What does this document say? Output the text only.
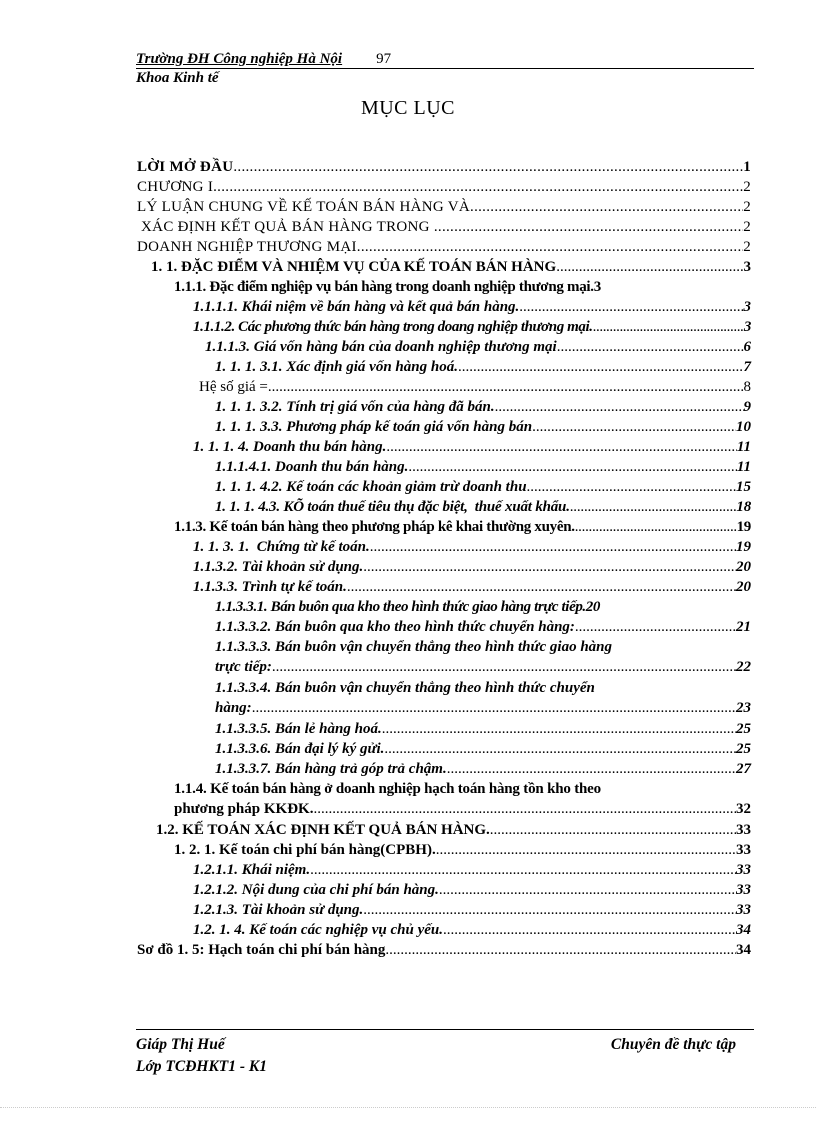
Trường ĐH Công nghiệp Hà Nội 97
Khoa Kinh tế
MỤC LỤC
LỜI MỞ ĐẦU .....	1
CHƯƠNG I .....	2
LÝ LUẬN CHUNG VỀ KẾ TOÁN BÁN HÀNG VÀ .....	2
XÁC ĐỊNH KẾT QUẢ BÁN HÀNG TRONG .....	2
DOANH NGHIỆP THƯƠNG MẠI .....	2
1. 1. ĐẶC ĐIỂM VÀ NHIỆM VỤ CỦA KẾ TOÁN BÁN HÀNG .....	3
1.1.1. Đặc điểm nghiệp vụ bán hàng trong doanh nghiệp thương mại. 3
1.1.1.1. Khái niệm về bán hàng và kết quả bán hàng. .....	3
1.1.1.2. Các phương thức bán hàng trong doang nghiệp thương mại. .....	3
1.1.1.3. Giá vốn hàng bán của doanh nghiệp thương mại .....	6
1. 1. 1. 3.1. Xác định giá vốn hàng hoá. .....	7
Hệ số giá = .....	8
1. 1. 1. 3.2. Tính trị giá vốn của hàng đã bán. .....	9
1. 1. 1. 3.3. Phương pháp kế toán giá vốn hàng bán .....	10
1. 1. 1. 4. Doanh thu bán hàng. .....	11
1.1.1.4.1. Doanh thu bán hàng. .....	11
1. 1. 1. 4.2. Kế toán các khoản giảm trừ doanh thu .....	15
1. 1. 1. 4.3. KÕ toán thuế tiêu thụ đặc biệt,  thuế xuất khẩu. .....	18
1.1.3. Kế toán bán hàng theo phương pháp kê khai thường xuyên. .....	19
1. 1. 3. 1.  Chứng từ kế toán. .....	19
1.1.3.2. Tài khoản sử dụng. .....	20
1.1.3.3. Trình tự kế toán. .....	20
1.1.3.3.1. Bán buôn qua kho theo hình thức giao hàng trực tiếp. 20
1.1.3.3.2. Bán buôn qua kho theo hình thức chuyển hàng: .....	21
1.1.3.3.3. Bán buôn vận chuyển thẳng theo hình thức giao hàng
trực tiếp: .....	22
1.1.3.3.4. Bán buôn vận chuyển thẳng theo hình thức chuyển
hàng: .....	23
1.1.3.3.5. Bán lẻ hàng hoá. .....	25
1.1.3.3.6. Bán đại lý ký gửi. .....	25
1.1.3.3.7. Bán hàng trả góp trả chậm. .....	27
1.1.4. Kế toán bán hàng ở doanh nghiệp hạch toán hàng tồn kho theo
phương pháp KKĐK. .....	32
1.2. KẾ TOÁN XÁC ĐỊNH KẾT QUẢ BÁN HÀNG. .....	33
1. 2. 1. Kế toán chi phí bán hàng(CPBH). .....	33
1.2.1.1. Khái niệm. .....	33
1.2.1.2. Nội dung của chi phí bán hàng. .....	33
1.2.1.3. Tài khoản sử dụng. .....	33
1.2. 1. 4. Kế toán các nghiệp vụ chủ yếu. .....	34
Sơ đồ 1. 5: Hạch toán chi phí bán hàng .....	34
Giáp Thị Huế	Chuyên đề thực tập
Lớp TCĐHKT1 - K1
